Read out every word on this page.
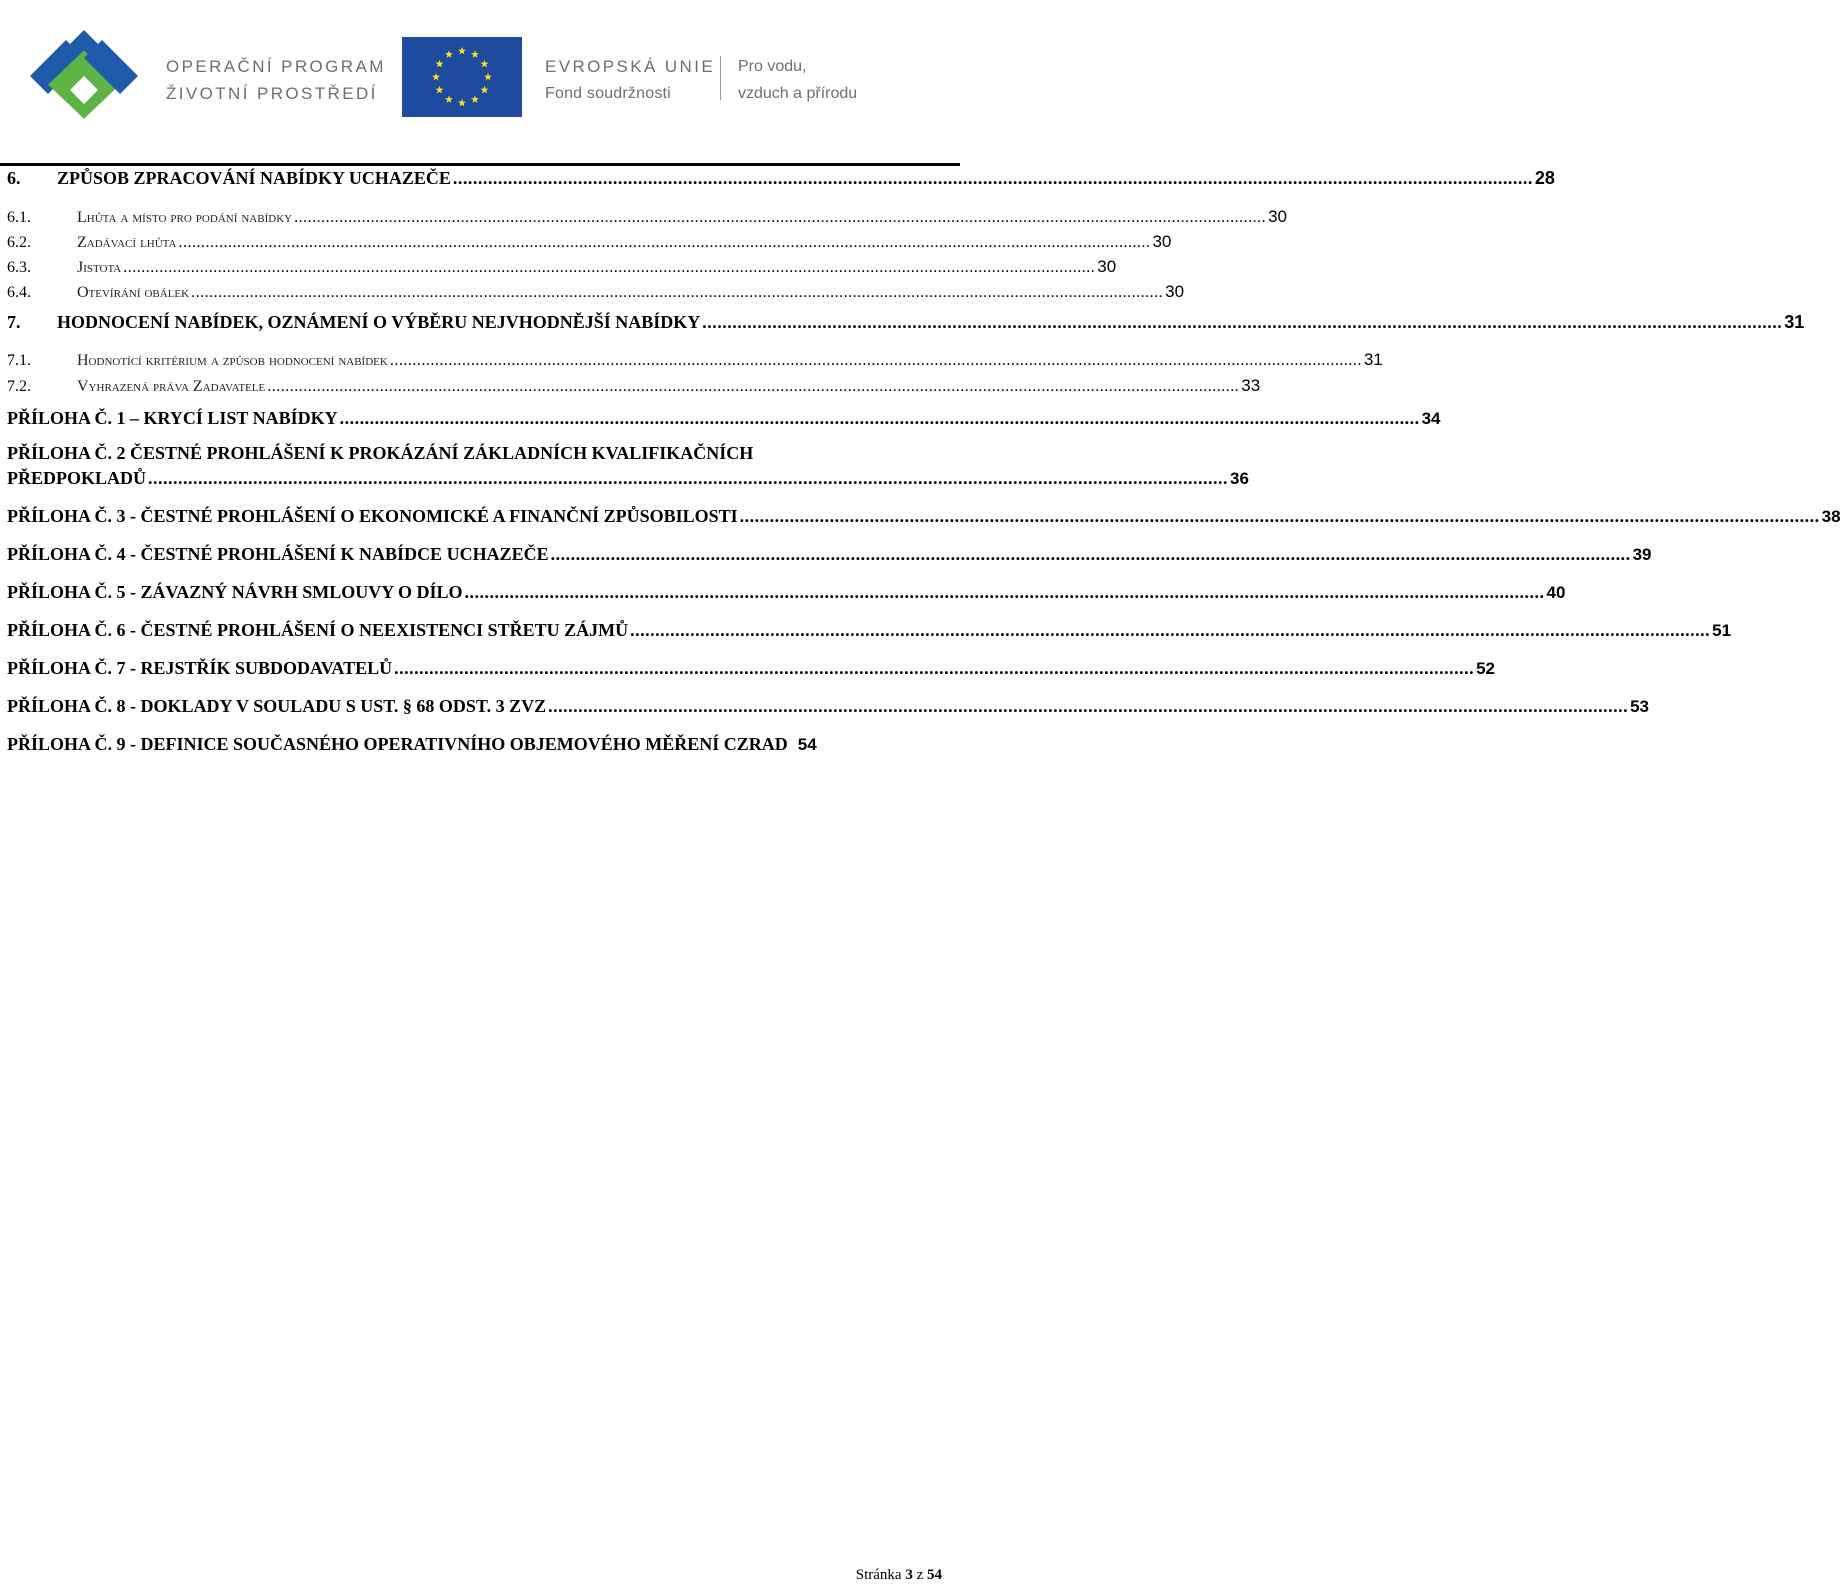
OPERAČNÍ PROGRAM
ŽIVOTNÍ PROSTŘEDÍ
EVROPSKÁ UNIE
Fond soudržnosti
Pro vodu,
vzduch a přírodu
6.	ZPŮSOB ZPRACOVÁNÍ NABÍDKY UCHAZEČE ........................................................................................................................................................................................................................ 28
6.1.	Lhůta a místo pro podání nabídky ........................................................................................................................................................................................................................ 30
6.2.	Zadávací lhůta ........................................................................................................................................................................................................................ 30
6.3.	Jistota ........................................................................................................................................................................................................................ 30
6.4.	Otevírání obálek ........................................................................................................................................................................................................................ 30
7.	HODNOCENÍ NABÍDEK, OZNÁMENÍ O VÝBĚRU NEJVHODNĚJŠÍ NABÍDKY ........................................................................................................................................................................................................................ 31
7.1.	Hodnotící kritérium a způsob hodnocení nabídek ........................................................................................................................................................................................................................ 31
7.2.	Vyhrazená práva Zadavatele ........................................................................................................................................................................................................................ 33
PŘÍLOHA Č. 1 – KRYCÍ LIST NABÍDKY ........................................................................................................................................................................................................................ 34
PŘÍLOHA Č. 2 ČESTNÉ PROHLÁŠENÍ K PROKÁZÁNÍ ZÁKLADNÍCH KVALIFIKAČNÍCH
PŘEDPOKLADŮ ........................................................................................................................................................................................................................ 36
PŘÍLOHA Č. 3 - ČESTNÉ PROHLÁŠENÍ O EKONOMICKÉ A FINANČNÍ ZPŮSOBILOSTI ........................................................................................................................................................................................................................ 38
PŘÍLOHA Č. 4 - ČESTNÉ PROHLÁŠENÍ K NABÍDCE UCHAZEČE ........................................................................................................................................................................................................................ 39
PŘÍLOHA Č. 5 - ZÁVAZNÝ NÁVRH SMLOUVY O DÍLO ........................................................................................................................................................................................................................ 40
PŘÍLOHA Č. 6 - ČESTNÉ PROHLÁŠENÍ O NEEXISTENCI STŘETU ZÁJMŮ ........................................................................................................................................................................................................................ 51
PŘÍLOHA Č. 7 - REJSTŘÍK SUBDODAVATELŮ ........................................................................................................................................................................................................................ 52
PŘÍLOHA Č. 8 - DOKLADY V SOULADU S UST. § 68 ODST. 3 ZVZ ........................................................................................................................................................................................................................ 53
PŘÍLOHA Č. 9 - DEFINICE SOUČASNÉHO OPERATIVNÍHO OBJEMOVÉHO MĚŘENÍ CZRAD 54
Stránka 3 z 54
